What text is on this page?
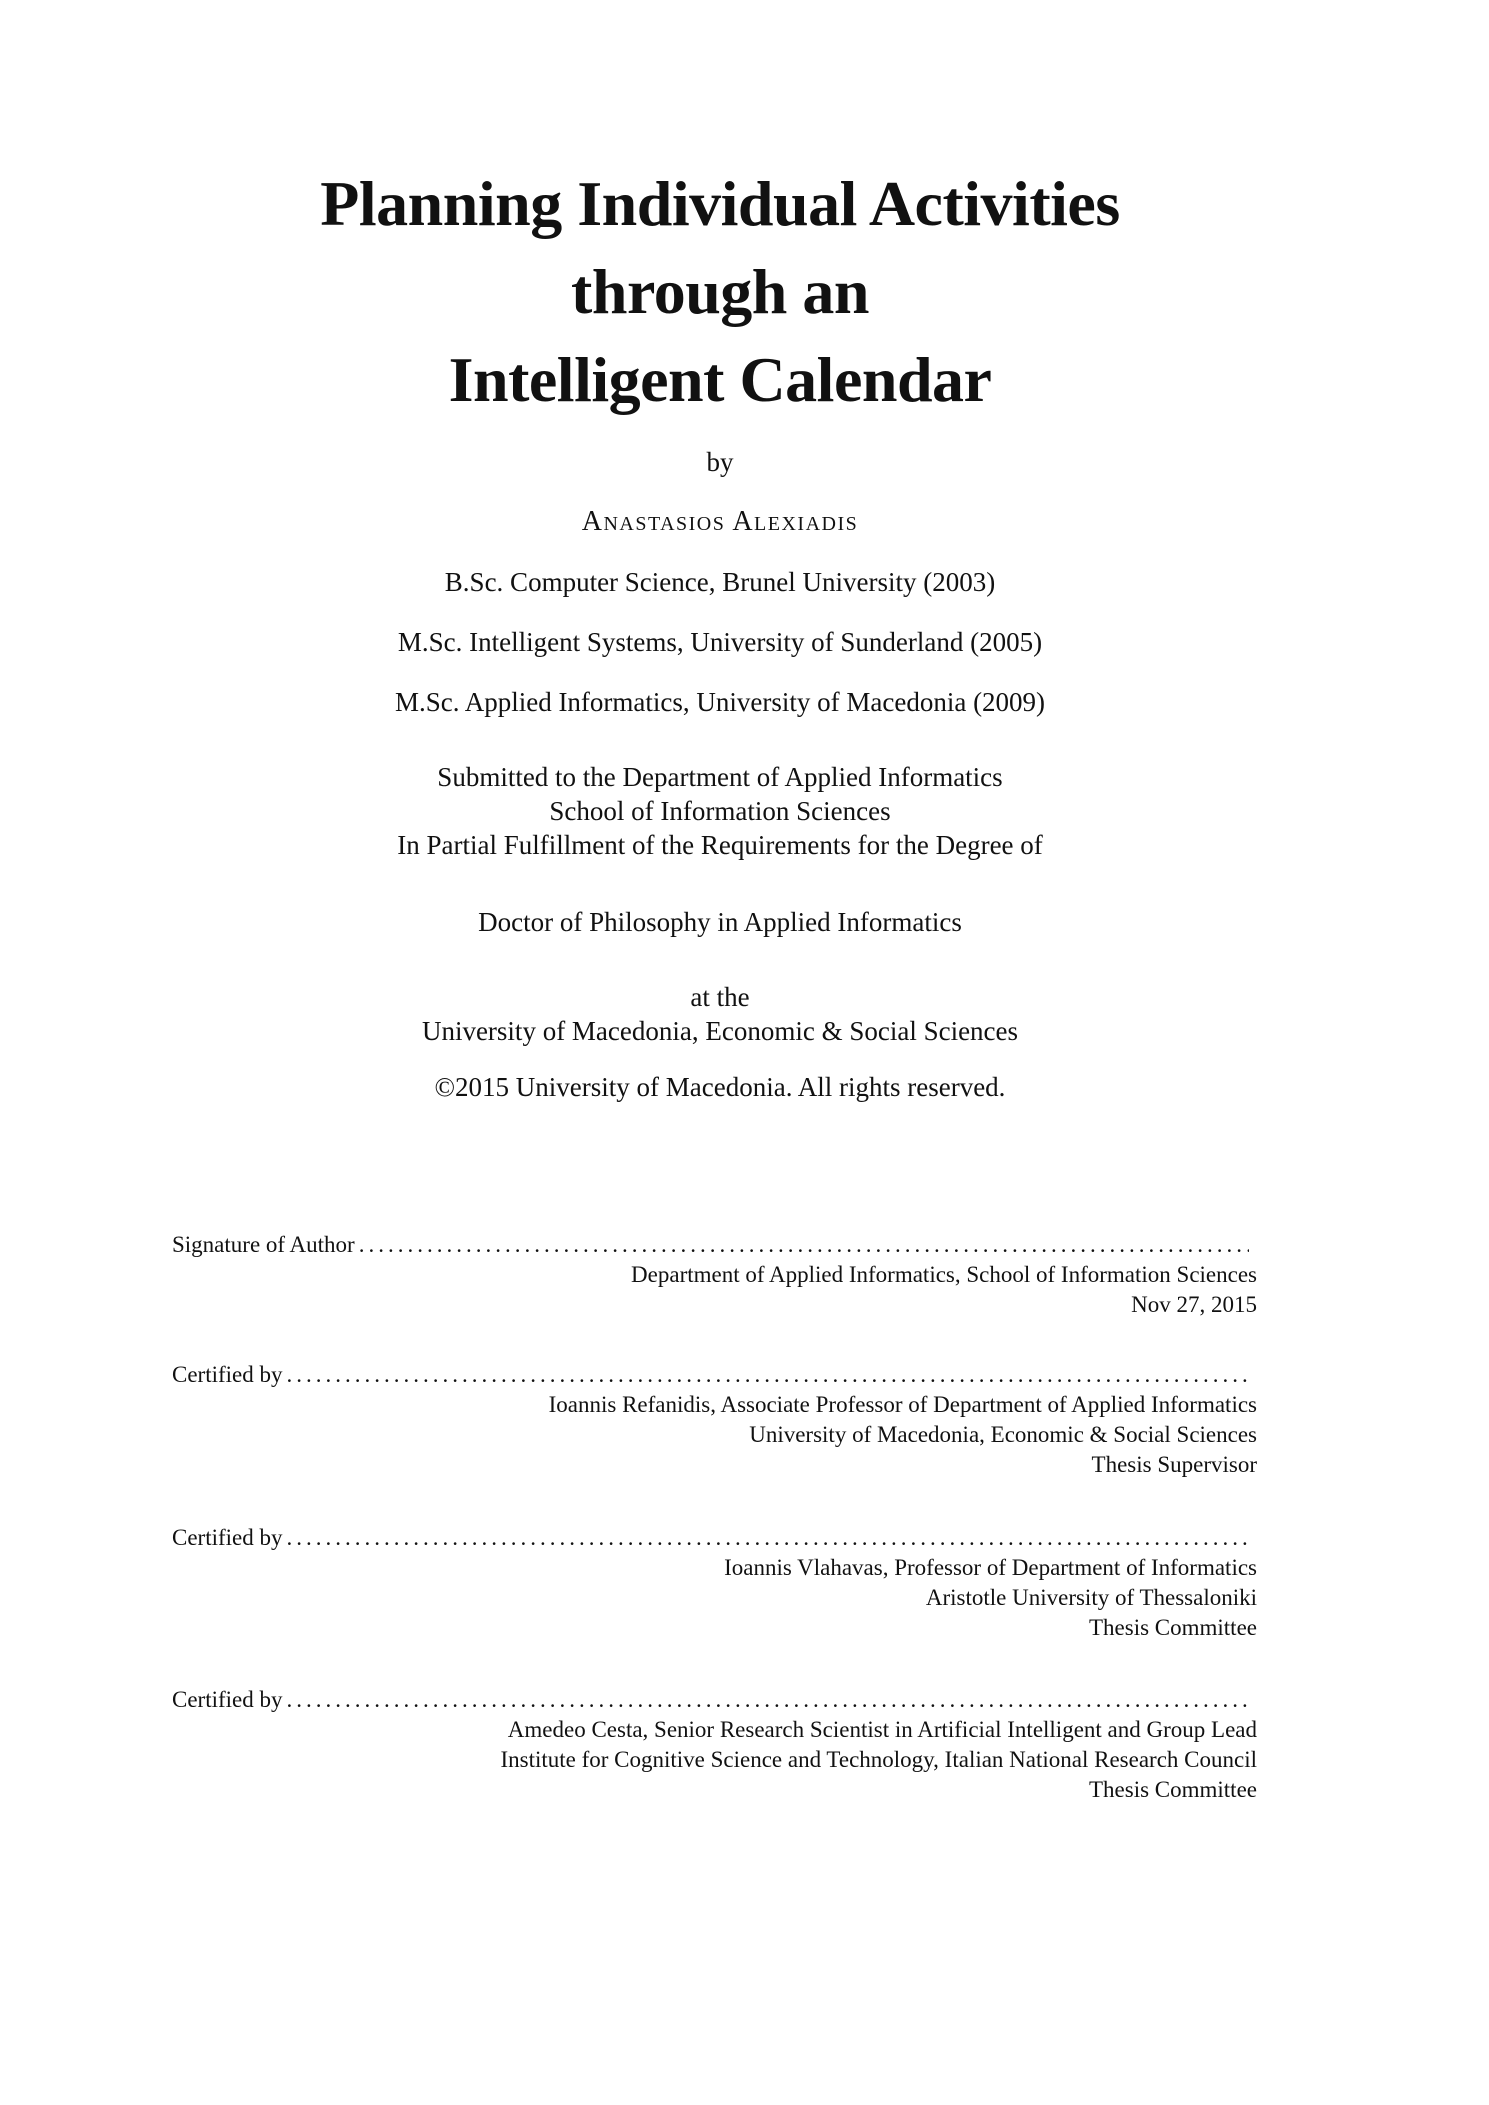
Planning Individual Activities
through an
Intelligent Calendar
by
Anastasios Alexiadis
B.Sc. Computer Science, Brunel University (2003)
M.Sc. Intelligent Systems, University of Sunderland (2005)
M.Sc. Applied Informatics, University of Macedonia (2009)
Submitted to the Department of Applied Informatics
School of Information Sciences
In Partial Fulfillment of the Requirements for the Degree of
Doctor of Philosophy in Applied Informatics
at the
University of Macedonia, Economic & Social Sciences
©2015 University of Macedonia. All rights reserved.
Signature of Author
.....
Department of Applied Informatics, School of Information Sciences
Nov 27, 2015
Certified by
.....
Ioannis Refanidis, Associate Professor of Department of Applied Informatics
University of Macedonia, Economic & Social Sciences
Thesis Supervisor
Certified by
.....
Ioannis Vlahavas, Professor of Department of Informatics
Aristotle University of Thessaloniki
Thesis Committee
Certified by
.....
Amedeo Cesta, Senior Research Scientist in Artificial Intelligent and Group Lead
Institute for Cognitive Science and Technology, Italian National Research Council
Thesis Committee
